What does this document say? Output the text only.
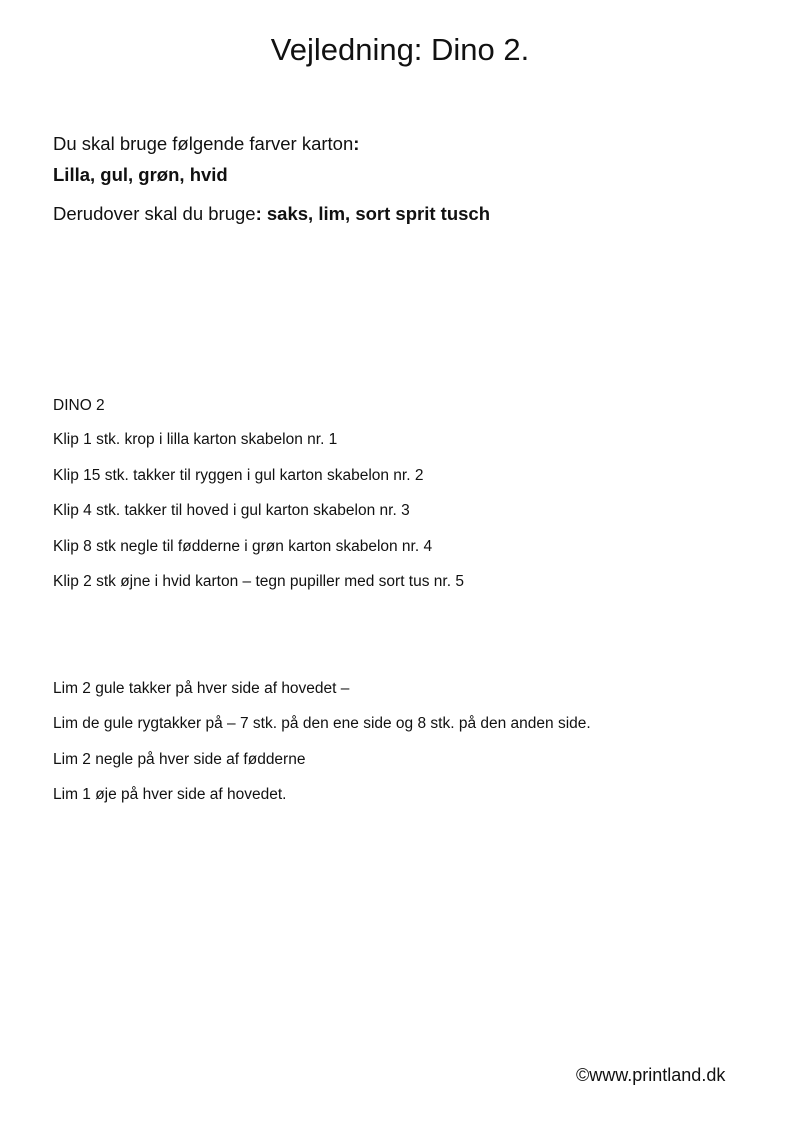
Vejledning: Dino 2.

Du skal bruge følgende farver karton:

Lilla, gul, grøn, hvid

Derudover skal du bruge: saks, lim, sort sprit tusch

DINO 2

Klip 1 stk. krop i lilla karton skabelon nr. 1

Klip 15 stk. takker til ryggen i gul karton skabelon nr. 2

Klip 4 stk. takker til hoved i gul karton skabelon nr. 3

Klip 8 stk negle til fødderne i grøn karton skabelon nr. 4

Klip 2 stk øjne i hvid karton – tegn pupiller med sort tus nr. 5

Lim 2 gule takker på hver side af hovedet –

Lim de gule rygtakker på – 7 stk. på den ene side og 8 stk. på den anden side.

Lim 2 negle på hver side af fødderne

Lim 1 øje på hver side af hovedet.

©www.printland.dk
